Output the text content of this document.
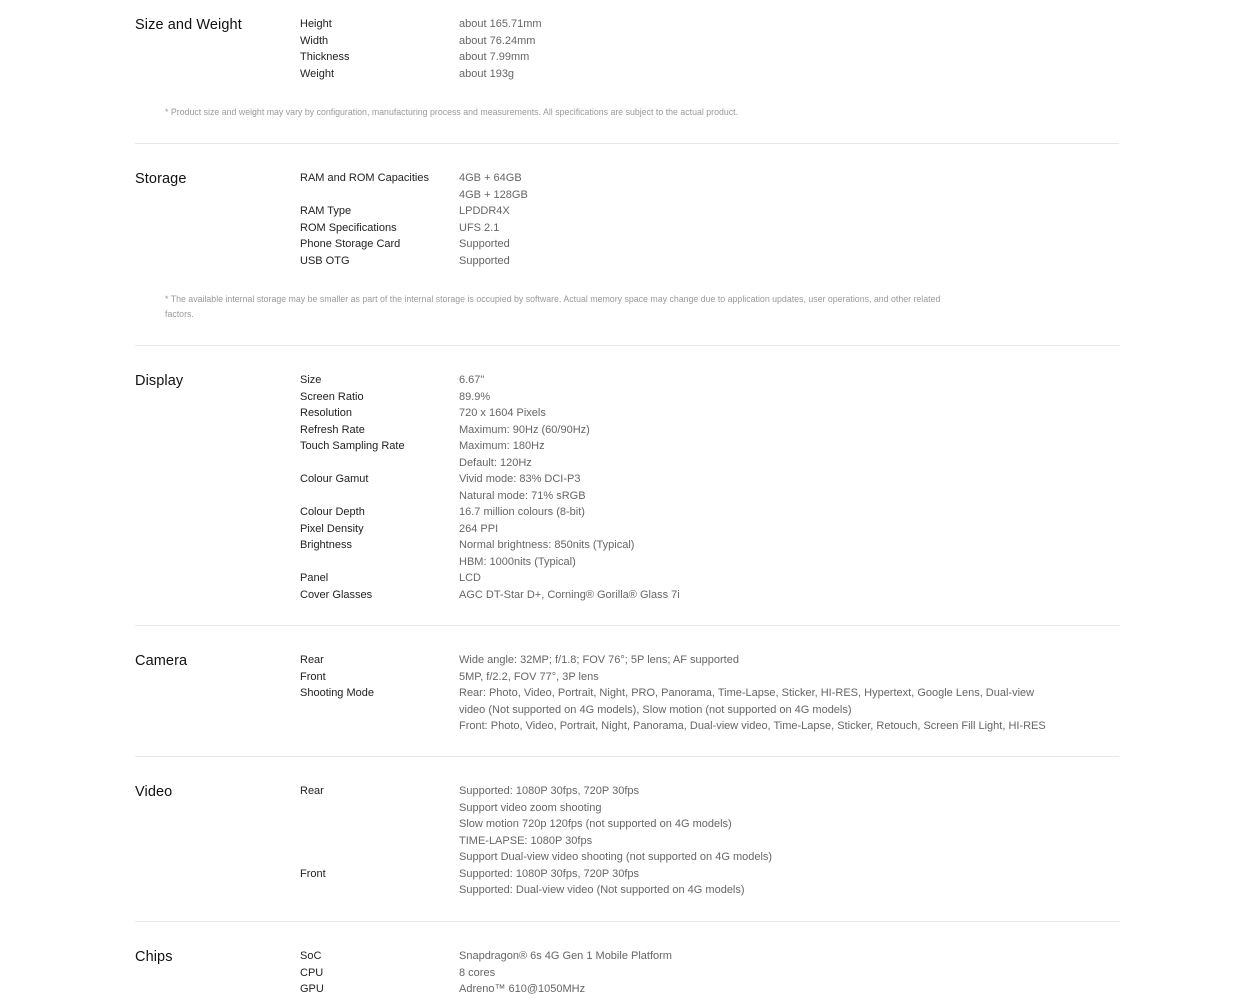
Size and Weight	Height	about 165.71mm
Width	about 76.24mm
Thickness	about 7.99mm
Weight	about 193g
* Product size and weight may vary by configuration, manufacturing process and measurements. All specifications are subject to the actual product.
Storage	RAM and ROM Capacities	4GB + 64GB
4GB + 128GB
RAM Type	LPDDR4X
ROM Specifications	UFS 2.1
Phone Storage Card	Supported
USB OTG	Supported
* The available internal storage may be smaller as part of the internal storage is occupied by software. Actual memory space may change due to application updates, user operations, and other related factors.
Display	Size	6.67"
Screen Ratio	89.9%
Resolution	720 x 1604 Pixels
Refresh Rate	Maximum: 90Hz (60/90Hz)
Touch Sampling Rate	Maximum: 180Hz
Default: 120Hz
Colour Gamut	Vivid mode: 83% DCI-P3
Natural mode: 71% sRGB
Colour Depth	16.7 million colours (8-bit)
Pixel Density	264 PPI
Brightness	Normal brightness: 850nits (Typical)
HBM: 1000nits (Typical)
Panel	LCD
Cover Glasses	AGC DT-Star D+, Corning® Gorilla® Glass 7i
Camera	Rear	Wide angle: 32MP; f/1.8; FOV 76°; 5P lens; AF supported
Front	5MP, f/2.2, FOV 77°, 3P lens
Shooting Mode	Rear: Photo, Video, Portrait, Night, PRO, Panorama, Time-Lapse, Sticker, HI-RES, Hypertext, Google Lens, Dual-view
video (Not supported on 4G models), Slow motion (not supported on 4G models)
Front: Photo, Video, Portrait, Night, Panorama, Dual-view video, Time-Lapse, Sticker, Retouch, Screen Fill Light, HI-RES
Video	Rear	Supported: 1080P 30fps, 720P 30fps
Support video zoom shooting
Slow motion 720p 120fps (not supported on 4G models)
TIME-LAPSE: 1080P 30fps
Support Dual-view video shooting (not supported on 4G models)
Front	Supported: 1080P 30fps, 720P 30fps
Supported: Dual-view video (Not supported on 4G models)
Chips	SoC	Snapdragon® 6s 4G Gen 1 Mobile Platform
CPU	8 cores
GPU	Adreno™ 610@1050MHz
